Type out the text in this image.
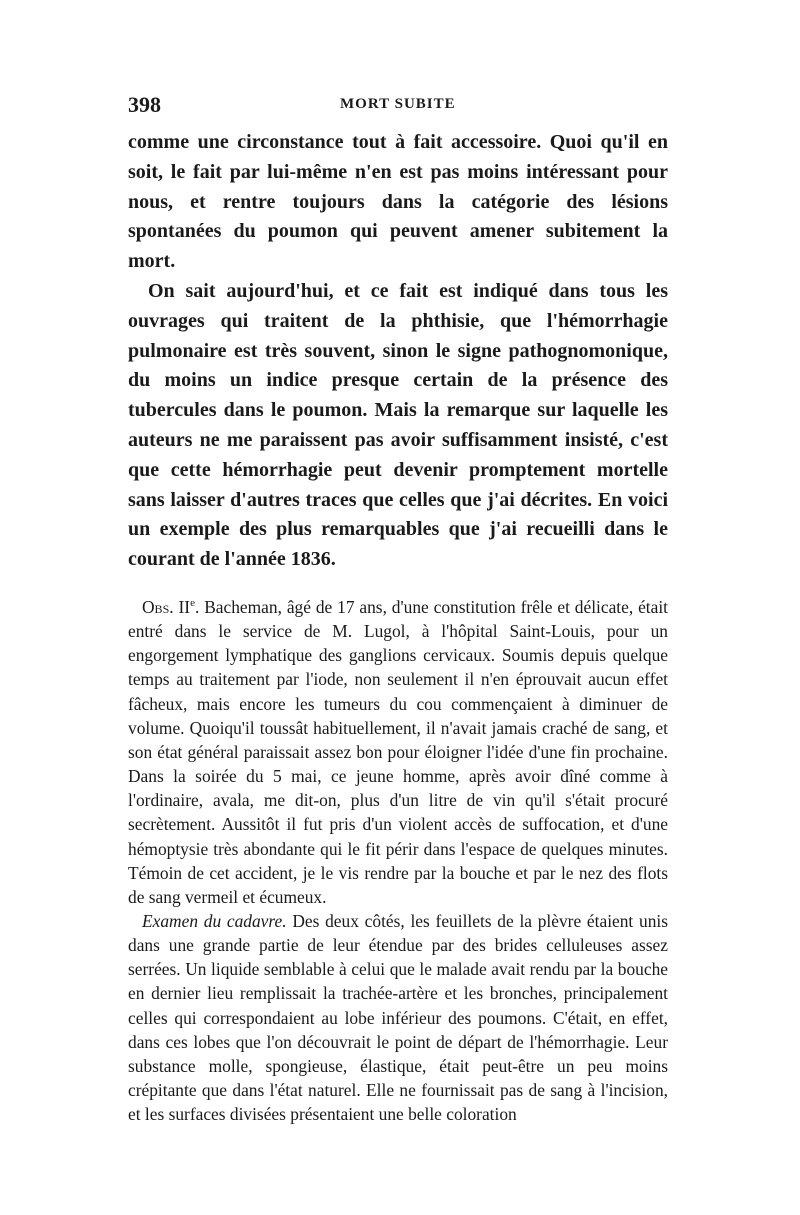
398	MORT SUBITE

comme une circonstance tout à fait accessoire. Quoi qu'il en soit, le fait par lui-même n'en est pas moins intéressant pour nous, et rentre toujours dans la catégorie des lésions spontanées du poumon qui peuvent amener subitement la mort.

On sait aujourd'hui, et ce fait est indiqué dans tous les ouvrages qui traitent de la phthisie, que l'hémorrhagie pulmonaire est très souvent, sinon le signe pathognomonique, du moins un indice presque certain de la présence des tubercules dans le poumon. Mais la remarque sur laquelle les auteurs ne me paraissent pas avoir suffisamment insisté, c'est que cette hémorrhagie peut devenir promptement mortelle sans laisser d'autres traces que celles que j'ai décrites. En voici un exemple des plus remarquables que j'ai recueilli dans le courant de l'année 1836.

Obs. IIe. Bacheman, âgé de 17 ans, d'une constitution frêle et délicate, était entré dans le service de M. Lugol, à l'hôpital Saint-Louis, pour un engorgement lymphatique des ganglions cervicaux. Soumis depuis quelque temps au traitement par l'iode, non seulement il n'en éprouvait aucun effet fâcheux, mais encore les tumeurs du cou commençaient à diminuer de volume. Quoiqu'il toussât habituellement, il n'avait jamais craché de sang, et son état général paraissait assez bon pour éloigner l'idée d'une fin prochaine. Dans la soirée du 5 mai, ce jeune homme, après avoir dîné comme à l'ordinaire, avala, me dit-on, plus d'un litre de vin qu'il s'était procuré secrètement. Aussitôt il fut pris d'un violent accès de suffocation, et d'une hémoptysie très abondante qui le fit périr dans l'espace de quelques minutes. Témoin de cet accident, je le vis rendre par la bouche et par le nez des flots de sang vermeil et écumeux.

Examen du cadavre. Des deux côtés, les feuillets de la plèvre étaient unis dans une grande partie de leur étendue par des brides celluleuses assez serrées. Un liquide semblable à celui que le malade avait rendu par la bouche en dernier lieu remplissait la trachée-artère et les bronches, principalement celles qui correspondaient au lobe inférieur des poumons. C'était, en effet, dans ces lobes que l'on découvrait le point de départ de l'hémorrhagie. Leur substance molle, spongieuse, élastique, était peut-être un peu moins crépitante que dans l'état naturel. Elle ne fournissait pas de sang à l'incision, et les surfaces divisées présentaient une belle coloration
